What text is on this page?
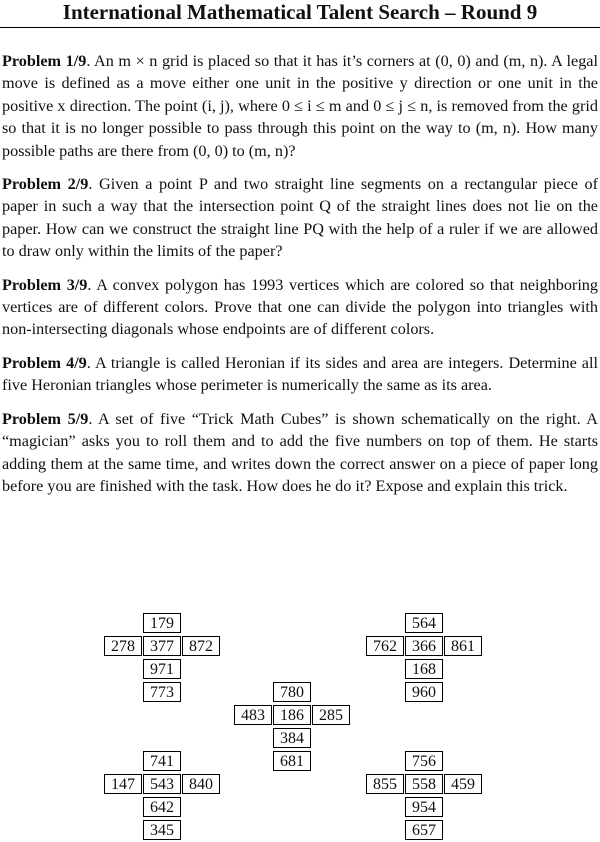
International Mathematical Talent Search – Round 9

Problem 1/9. An m × n grid is placed so that it has it’s corners at (0, 0) and (m, n). A legal move is defined as a move either one unit in the positive y direction or one unit in the positive x direction. The point (i, j), where 0 ≤ i ≤ m and 0 ≤ j ≤ n, is removed from the grid so that it is no longer possible to pass through this point on the way to (m, n). How many possible paths are there from (0, 0) to (m, n)?

Problem 2/9. Given a point P and two straight line segments on a rectangular piece of paper in such a way that the intersection point Q of the straight lines does not lie on the paper. How can we construct the straight line PQ with the help of a ruler if we are allowed to draw only within the limits of the paper?

Problem 3/9. A convex polygon has 1993 vertices which are colored so that neighboring vertices are of different colors. Prove that one can divide the polygon into triangles with non-intersecting diagonals whose endpoints are of different colors.

Problem 4/9. A triangle is called Heronian if its sides and area are integers. Determine all five Heronian triangles whose perimeter is numerically the same as its area.

Problem 5/9. A set of five “Trick Math Cubes” is shown schematically on the right. A “magician” asks you to roll them and to add the five numbers on top of them. He starts adding them at the same time, and writes down the correct answer on a piece of paper long before you are finished with the task. How does he do it? Expose and explain this trick.

179
278 377 872
971
773
564
762 366 861
168
960
780
483 186 285
384
681
741
147 543 840
642
345
756
855 558 459
954
657
